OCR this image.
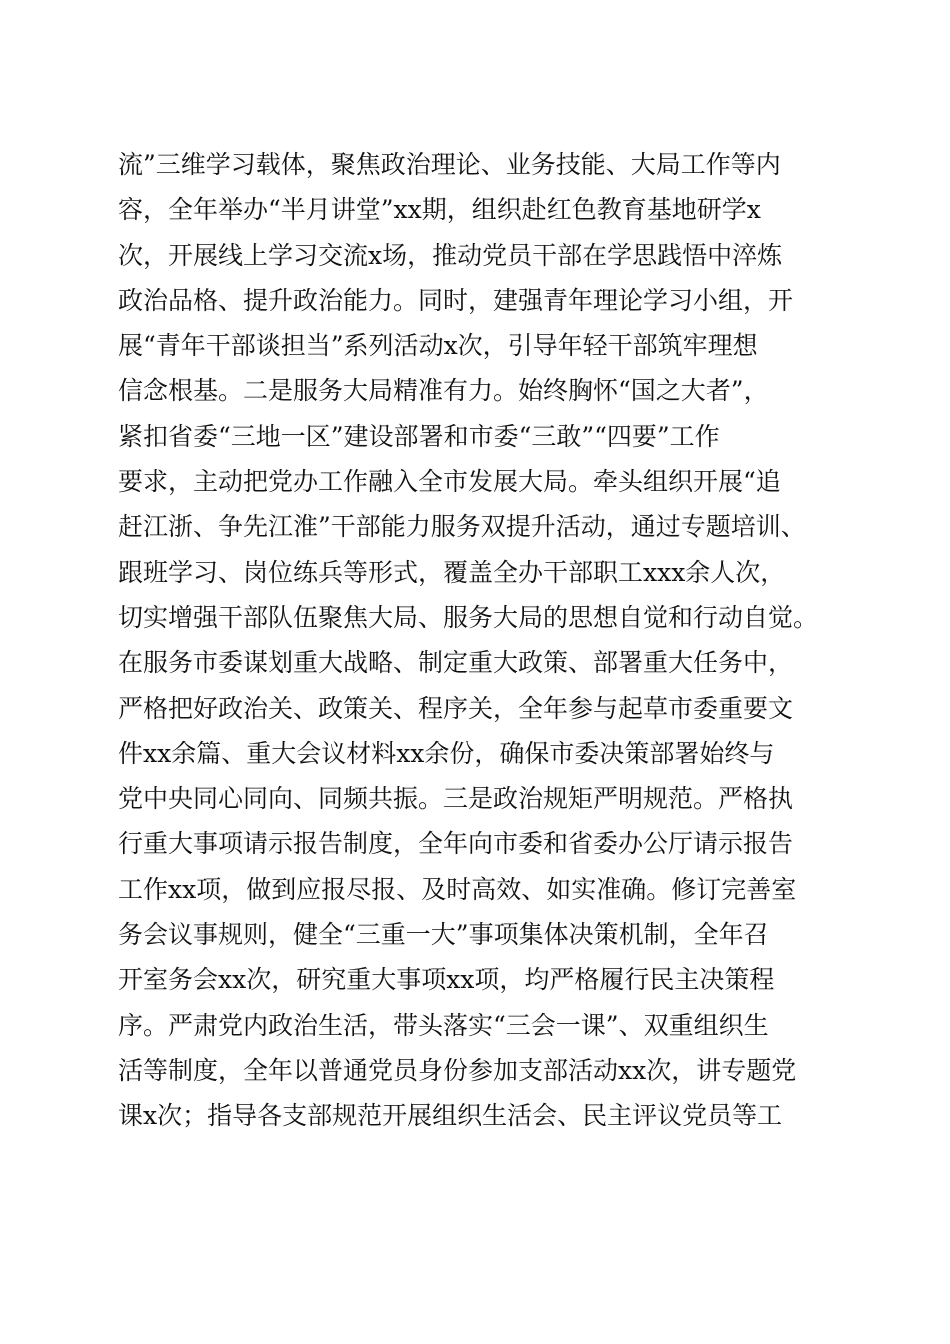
流”三维学习载体，聚焦政治理论、业务技能、大局工作等内
容，全年举办“半月讲堂”xx期，组织赴红色教育基地研学x
次，开展线上学习交流x场，推动党员干部在学思践悟中淬炼
政治品格、提升政治能力。同时，建强青年理论学习小组，开
展“青年干部谈担当”系列活动x次，引导年轻干部筑牢理想
信念根基。二是服务大局精准有力。始终胸怀“国之大者”，
紧扣省委“三地一区”建设部署和市委“三敢”“四要”工作
要求，主动把党办工作融入全市发展大局。牵头组织开展“追
赶江浙、争先江淮”干部能力服务双提升活动，通过专题培训、
跟班学习、岗位练兵等形式，覆盖全办干部职工xxx余人次，
切实增强干部队伍聚焦大局、服务大局的思想自觉和行动自觉。
在服务市委谋划重大战略、制定重大政策、部署重大任务中，
严格把好政治关、政策关、程序关，全年参与起草市委重要文
件xx余篇、重大会议材料xx余份，确保市委决策部署始终与
党中央同心同向、同频共振。三是政治规矩严明规范。严格执
行重大事项请示报告制度，全年向市委和省委办公厅请示报告
工作xx项，做到应报尽报、及时高效、如实准确。修订完善室
务会议事规则，健全“三重一大”事项集体决策机制，全年召
开室务会xx次，研究重大事项xx项，均严格履行民主决策程
序。严肃党内政治生活，带头落实“三会一课”、双重组织生
活等制度，全年以普通党员身份参加支部活动xx次，讲专题党
课x次；指导各支部规范开展组织生活会、民主评议党员等工
